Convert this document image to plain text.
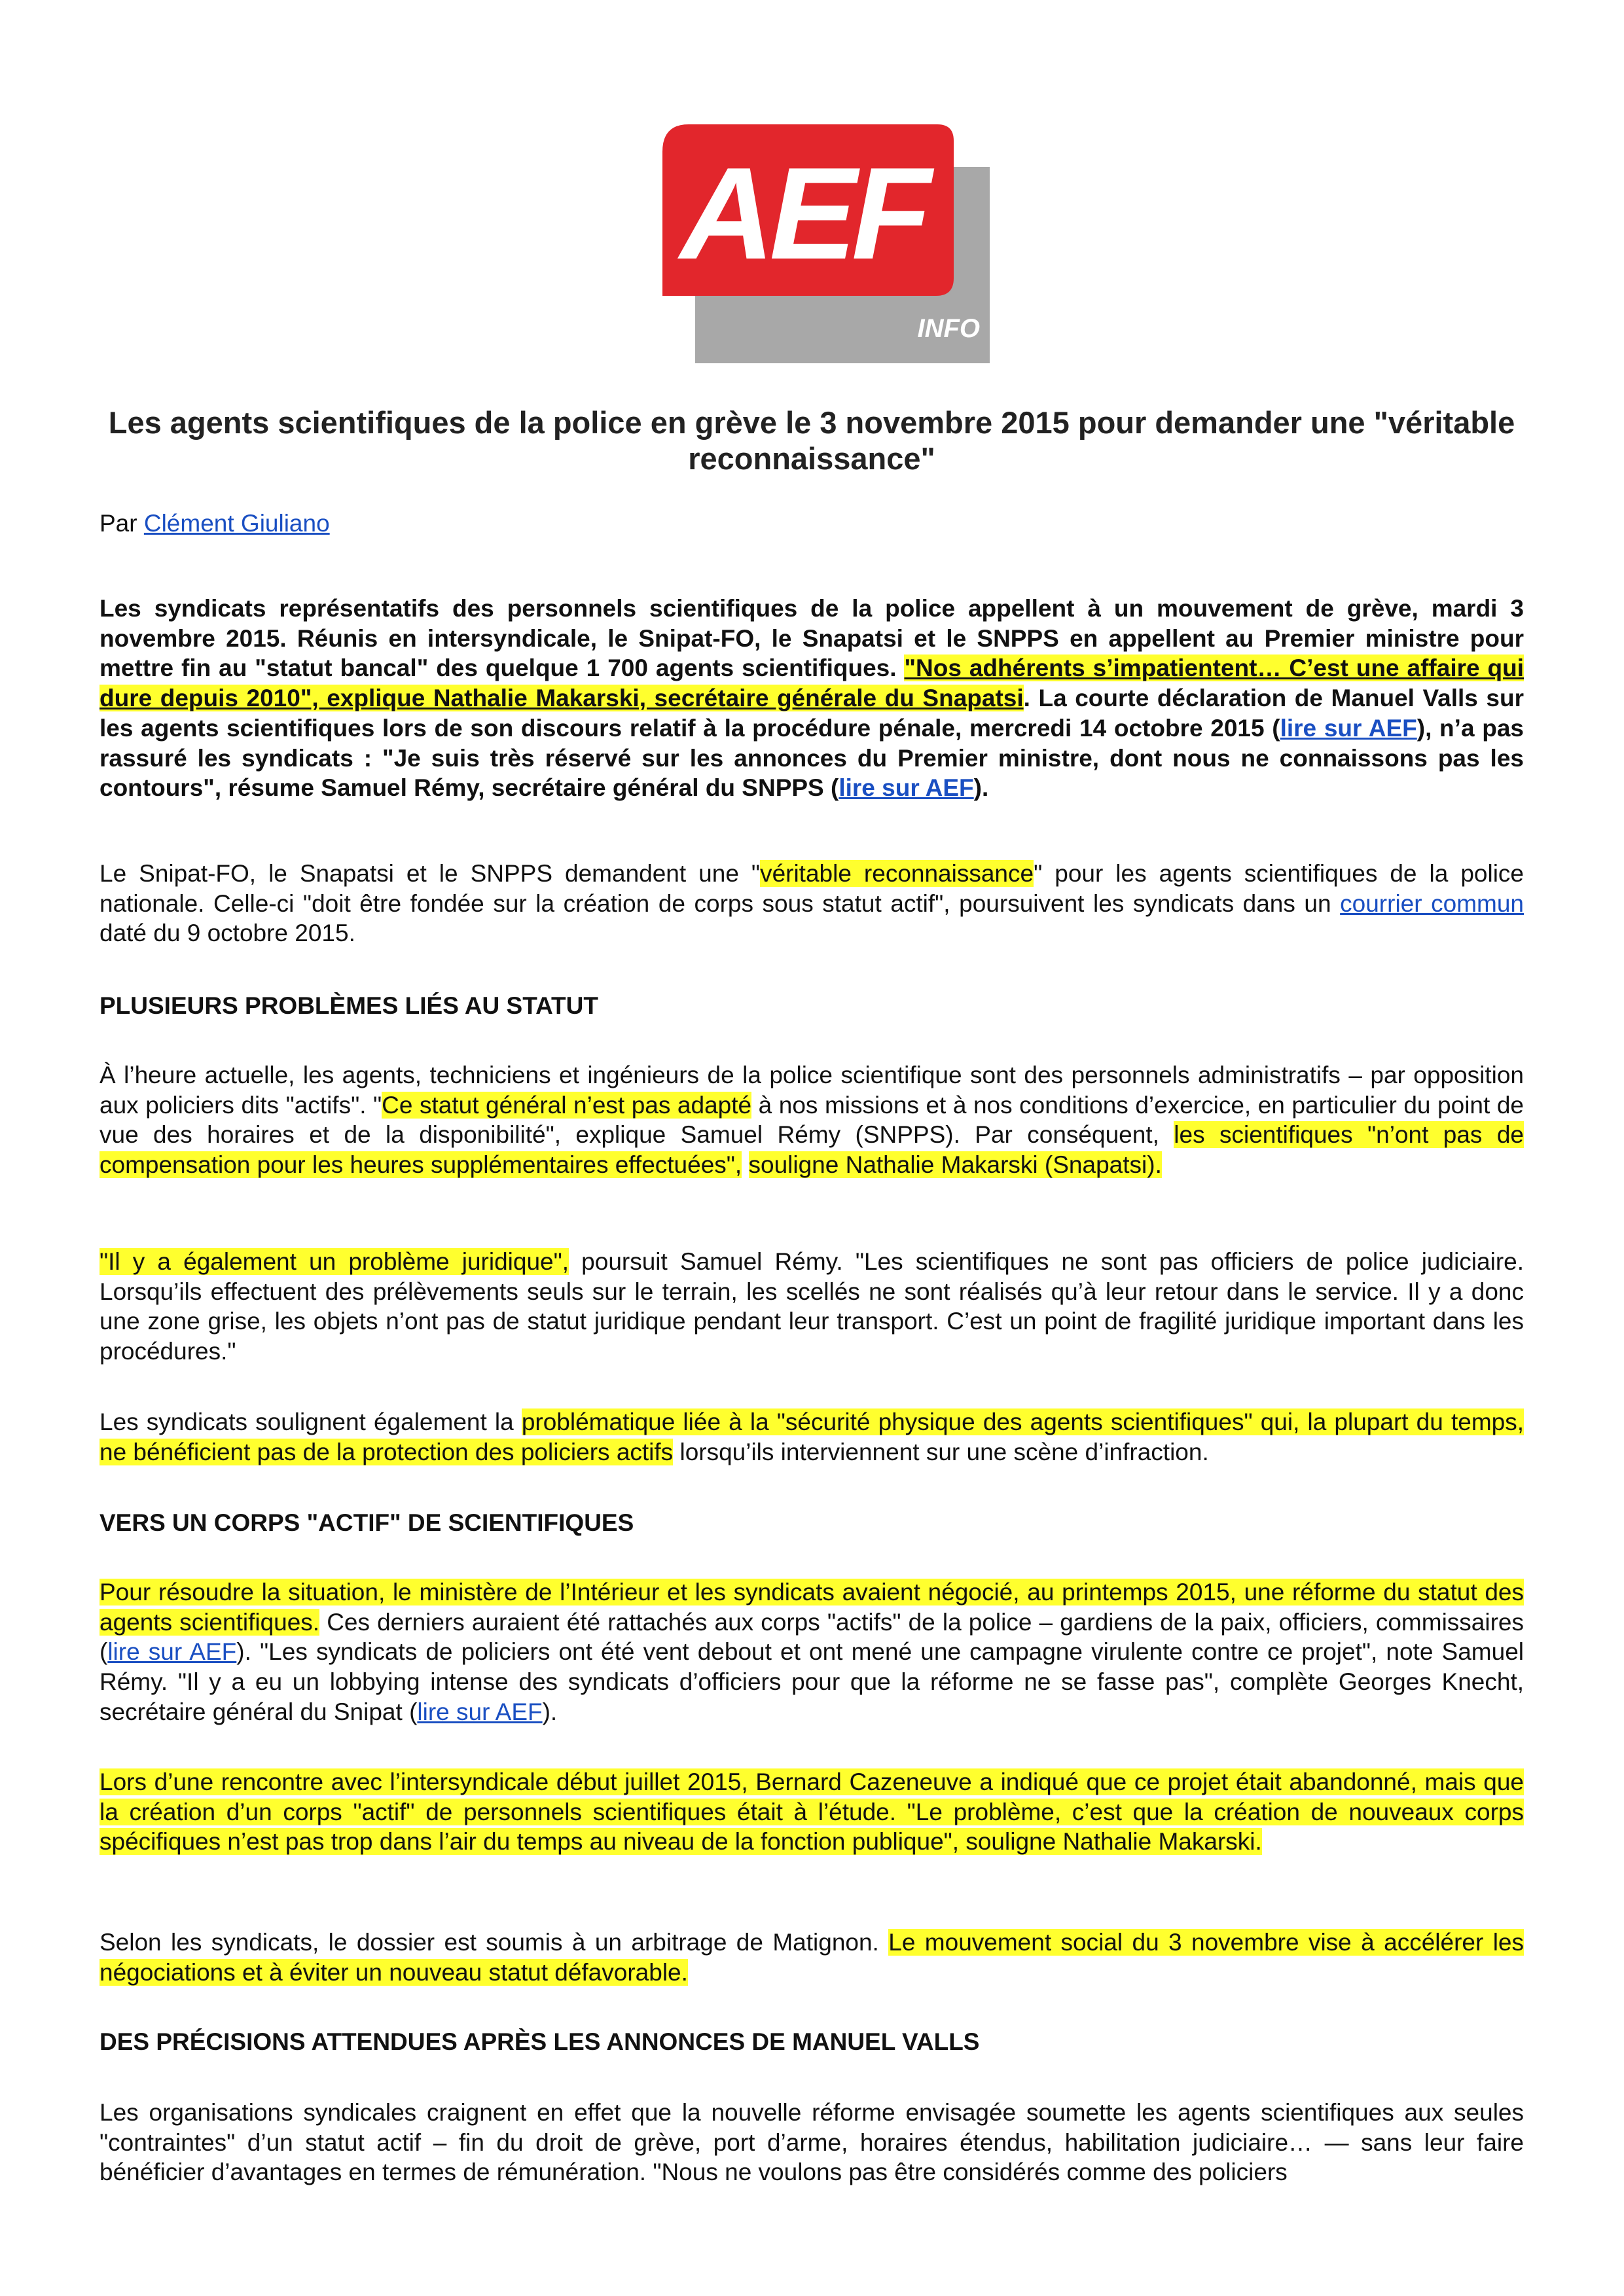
AEF
INFO
Les agents scientifiques de la police en grève le 3 novembre 2015 pour demander une "véritable reconnaissance"
Par Clément Giuliano
Les syndicats représentatifs des personnels scientifiques de la police appellent à un mouvement de grève, mardi 3 novembre 2015. Réunis en intersyndicale, le Snipat-FO, le Snapatsi et le SNPPS en appellent au Premier ministre pour mettre fin au "statut bancal" des quelque 1 700 agents scientifiques. "Nos adhérents s’impatientent… C’est une affaire qui dure depuis 2010", explique Nathalie Makarski, secrétaire générale du Snapatsi. La courte déclaration de Manuel Valls sur les agents scientifiques lors de son discours relatif à la procédure pénale, mercredi 14 octobre 2015 (lire sur AEF), n’a pas rassuré les syndicats : "Je suis très réservé sur les annonces du Premier ministre, dont nous ne connaissons pas les contours", résume Samuel Rémy, secrétaire général du SNPPS (lire sur AEF).
Le Snipat-FO, le Snapatsi et le SNPPS demandent une "véritable reconnaissance" pour les agents scientifiques de la police nationale. Celle-ci "doit être fondée sur la création de corps sous statut actif", poursuivent les syndicats dans un courrier commun daté du 9 octobre 2015.
PLUSIEURS PROBLÈMES LIÉS AU STATUT
À l’heure actuelle, les agents, techniciens et ingénieurs de la police scientifique sont des personnels administratifs – par opposition aux policiers dits "actifs". "Ce statut général n’est pas adapté à nos missions et à nos conditions d’exercice, en particulier du point de vue des horaires et de la disponibilité", explique Samuel Rémy (SNPPS). Par conséquent, les scientifiques "n’ont pas de compensation pour les heures supplémentaires effectuées", souligne Nathalie Makarski (Snapatsi).
"Il y a également un problème juridique", poursuit Samuel Rémy. "Les scientifiques ne sont pas officiers de police judiciaire. Lorsqu’ils effectuent des prélèvements seuls sur le terrain, les scellés ne sont réalisés qu’à leur retour dans le service. Il y a donc une zone grise, les objets n’ont pas de statut juridique pendant leur transport. C’est un point de fragilité juridique important dans les procédures."
Les syndicats soulignent également la problématique liée à la "sécurité physique des agents scientifiques" qui, la plupart du temps, ne bénéficient pas de la protection des policiers actifs lorsqu’ils interviennent sur une scène d’infraction.
VERS UN CORPS "ACTIF" DE SCIENTIFIQUES
Pour résoudre la situation, le ministère de l’Intérieur et les syndicats avaient négocié, au printemps 2015, une réforme du statut des agents scientifiques. Ces derniers auraient été rattachés aux corps "actifs" de la police – gardiens de la paix, officiers, commissaires (lire sur AEF). "Les syndicats de policiers ont été vent debout et ont mené une campagne virulente contre ce projet", note Samuel Rémy. "Il y a eu un lobbying intense des syndicats d’officiers pour que la réforme ne se fasse pas", complète Georges Knecht, secrétaire général du Snipat (lire sur AEF).
Lors d’une rencontre avec l’intersyndicale début juillet 2015, Bernard Cazeneuve a indiqué que ce projet était abandonné, mais que la création d’un corps "actif" de personnels scientifiques était à l’étude. "Le problème, c’est que la création de nouveaux corps spécifiques n’est pas trop dans l’air du temps au niveau de la fonction publique", souligne Nathalie Makarski.
Selon les syndicats, le dossier est soumis à un arbitrage de Matignon. Le mouvement social du 3 novembre vise à accélérer les négociations et à éviter un nouveau statut défavorable.
DES PRÉCISIONS ATTENDUES APRÈS LES ANNONCES DE MANUEL VALLS
Les organisations syndicales craignent en effet que la nouvelle réforme envisagée soumette les agents scientifiques aux seules "contraintes" d’un statut actif – fin du droit de grève, port d’arme, horaires étendus, habilitation judiciaire… — sans leur faire bénéficier d’avantages en termes de rémunération. "Nous ne voulons pas être considérés comme des policiers
